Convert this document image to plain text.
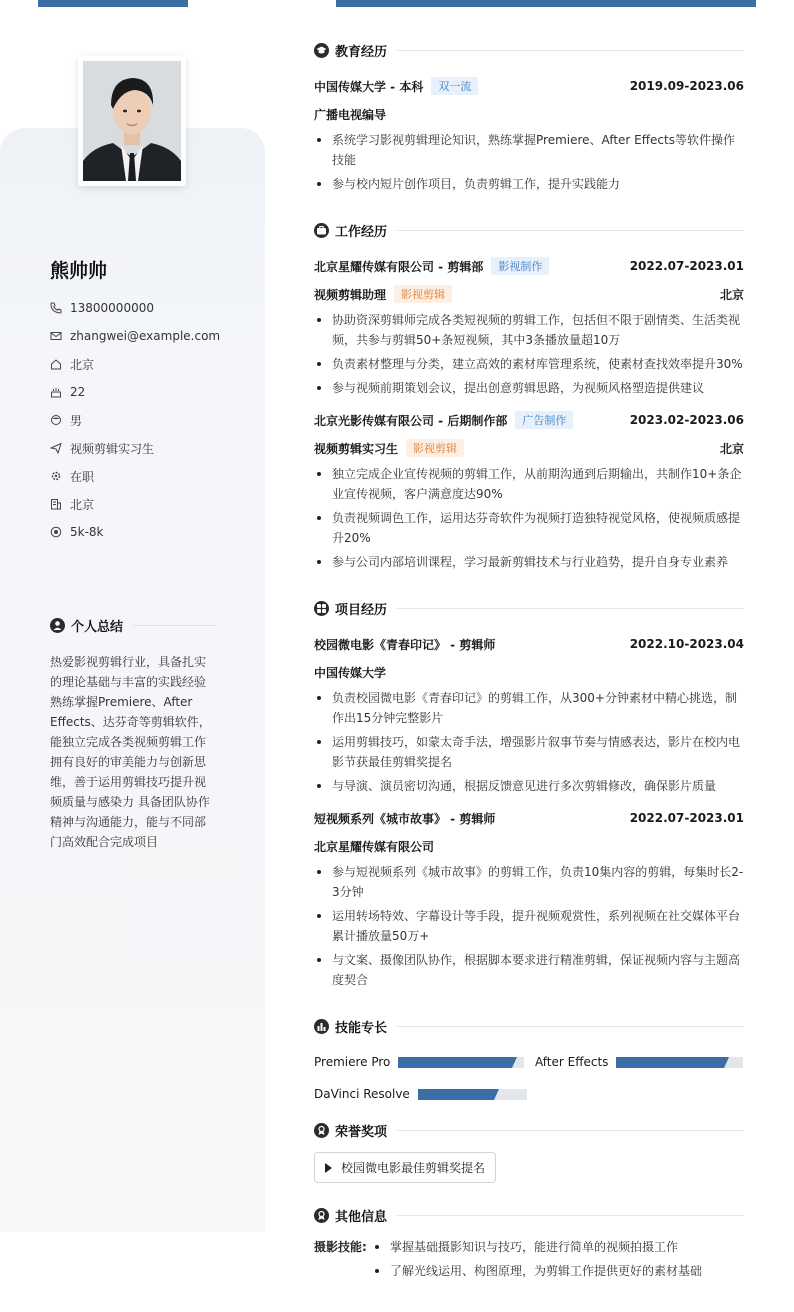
熊帅帅
13800000000
zhangwei@example.com
北京
22
男
视频剪辑实习生
在职
北京
5k-8k
个人总结
热爱影视剪辑行业，具备扎实的理论基础与丰富的实践经验 熟练掌握Premiere、After Effects、达芬奇等剪辑软件，能独立完成各类视频剪辑工作 拥有良好的审美能力与创新思维，善于运用剪辑技巧提升视频质量与感染力 具备团队协作精神与沟通能力，能与不同部门高效配合完成项目
教育经历
中国传媒大学 - 本科	双一流	2019.09-2023.06
广播电视编导
系统学习影视剪辑理论知识，熟练掌握Premiere、After Effects等软件操作技能
参与校内短片创作项目，负责剪辑工作，提升实践能力
工作经历
北京星耀传媒有限公司 - 剪辑部	影视制作	2022.07-2023.01
视频剪辑助理	影视剪辑	北京
协助资深剪辑师完成各类短视频的剪辑工作，包括但不限于剧情类、生活类视频，共参与剪辑50+条短视频，其中3条播放量超10万
负责素材整理与分类，建立高效的素材库管理系统，使素材查找效率提升30%
参与视频前期策划会议，提出创意剪辑思路，为视频风格塑造提供建议
北京光影传媒有限公司 - 后期制作部	广告制作	2023.02-2023.06
视频剪辑实习生	影视剪辑	北京
独立完成企业宣传视频的剪辑工作，从前期沟通到后期输出，共制作10+条企业宣传视频，客户满意度达90%
负责视频调色工作，运用达芬奇软件为视频打造独特视觉风格，使视频质感提升20%
参与公司内部培训课程，学习最新剪辑技术与行业趋势，提升自身专业素养
项目经历
校园微电影《青春印记》 - 剪辑师	2022.10-2023.04
中国传媒大学
负责校园微电影《青春印记》的剪辑工作，从300+分钟素材中精心挑选，制作出15分钟完整影片
运用剪辑技巧，如蒙太奇手法，增强影片叙事节奏与情感表达，影片在校内电影节获最佳剪辑奖提名
与导演、演员密切沟通，根据反馈意见进行多次剪辑修改，确保影片质量
短视频系列《城市故事》 - 剪辑师	2022.07-2023.01
北京星耀传媒有限公司
参与短视频系列《城市故事》的剪辑工作，负责10集内容的剪辑，每集时长2-3分钟
运用转场特效、字幕设计等手段，提升视频观赏性，系列视频在社交媒体平台累计播放量50万+
与文案、摄像团队协作，根据脚本要求进行精准剪辑，保证视频内容与主题高度契合
技能专长
Premiere Pro	After Effects
DaVinci Resolve
荣誉奖项
校园微电影最佳剪辑奖提名
其他信息
摄影技能:	掌握基础摄影知识与技巧，能进行简单的视频拍摄工作
了解光线运用、构图原理，为剪辑工作提供更好的素材基础
